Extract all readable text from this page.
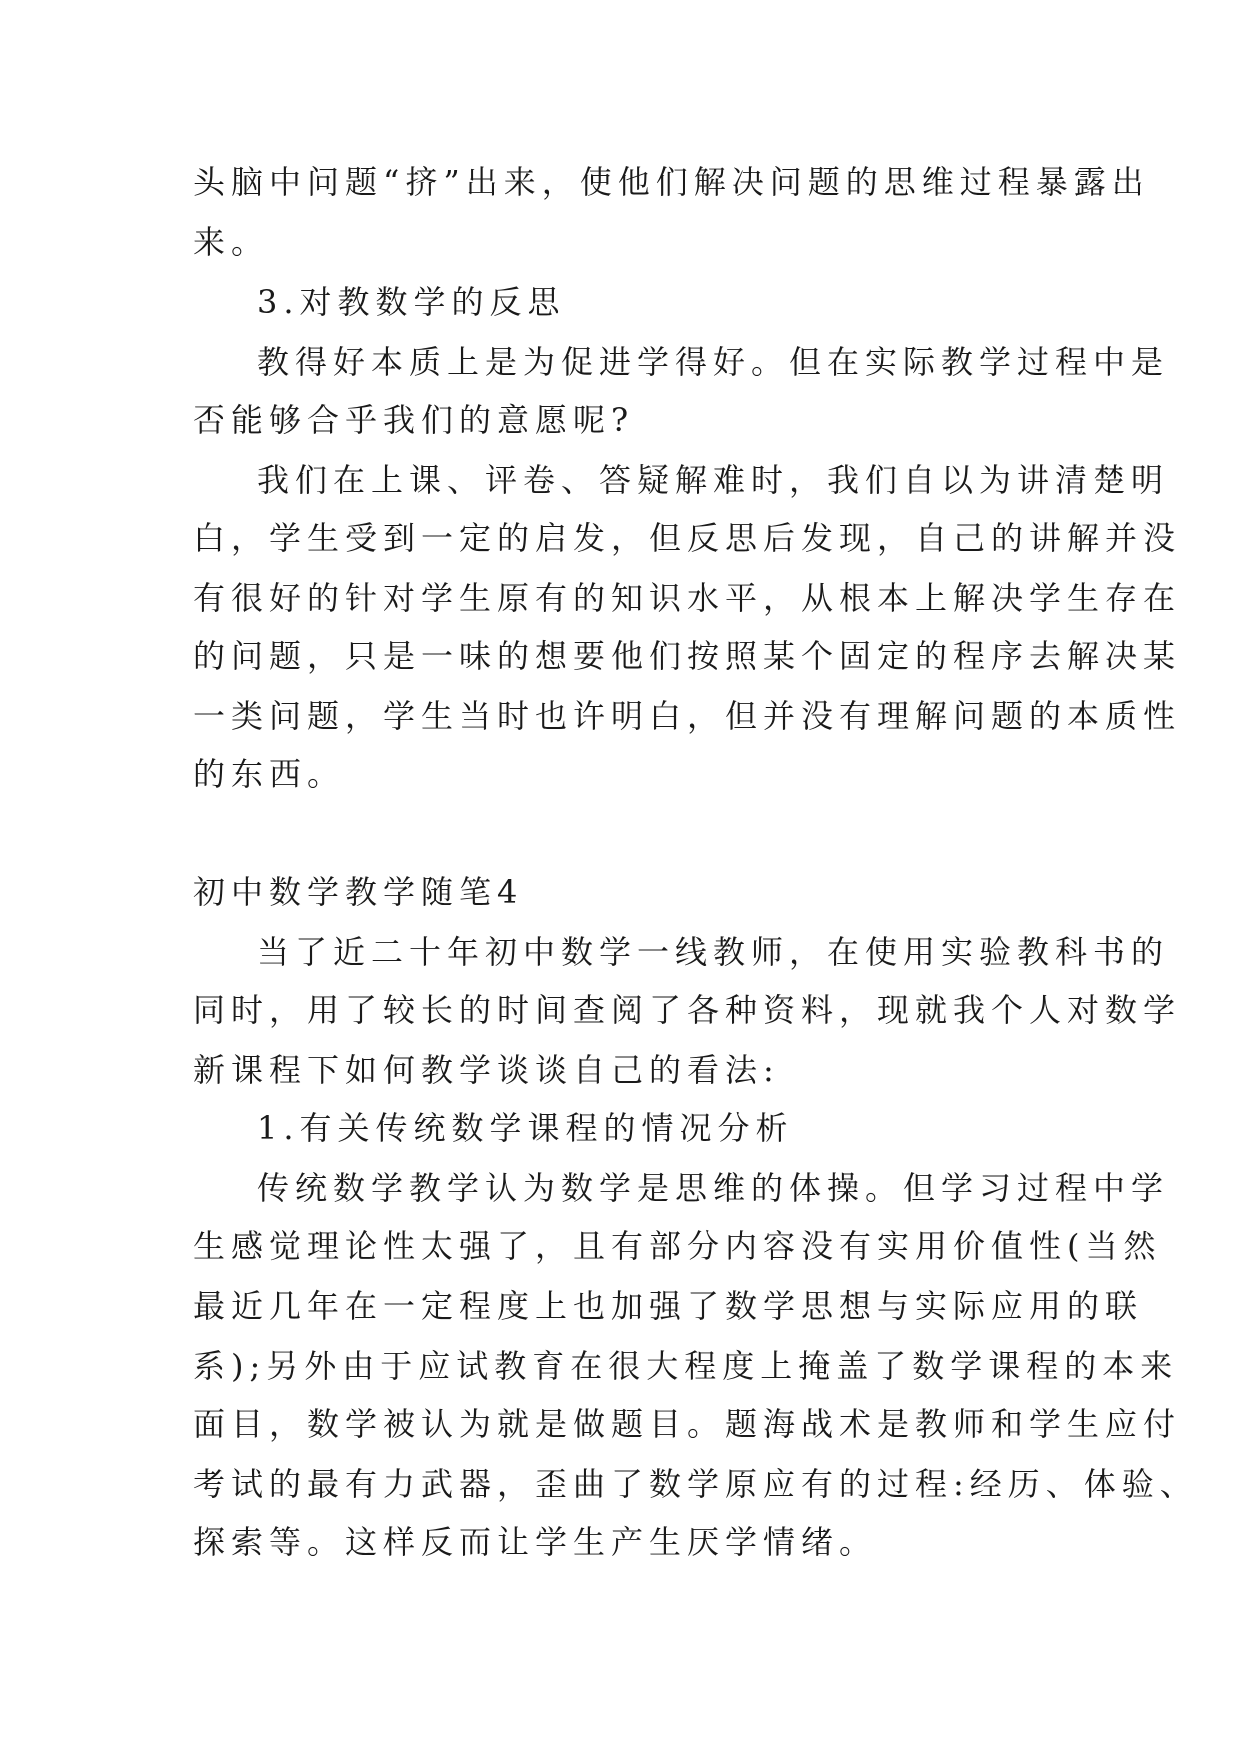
头脑中问题“挤”出来，使他们解决问题的思维过程暴露出
来。
3.对教数学的反思
教得好本质上是为促进学得好。但在实际教学过程中是
否能够合乎我们的意愿呢?
我们在上课、评卷、答疑解难时，我们自以为讲清楚明
白，学生受到一定的启发，但反思后发现，自己的讲解并没
有很好的针对学生原有的知识水平，从根本上解决学生存在
的问题，只是一味的想要他们按照某个固定的程序去解决某
一类问题，学生当时也许明白，但并没有理解问题的本质性
的东西。
初中数学教学随笔4
当了近二十年初中数学一线教师，在使用实验教科书的
同时，用了较长的时间查阅了各种资料，现就我个人对数学
新课程下如何教学谈谈自己的看法:
1.有关传统数学课程的情况分析
传统数学教学认为数学是思维的体操。但学习过程中学
生感觉理论性太强了，且有部分内容没有实用价值性(当然
最近几年在一定程度上也加强了数学思想与实际应用的联
系);另外由于应试教育在很大程度上掩盖了数学课程的本来
面目，数学被认为就是做题目。题海战术是教师和学生应付
考试的最有力武器，歪曲了数学原应有的过程:经历、体验、
探索等。这样反而让学生产生厌学情绪。
